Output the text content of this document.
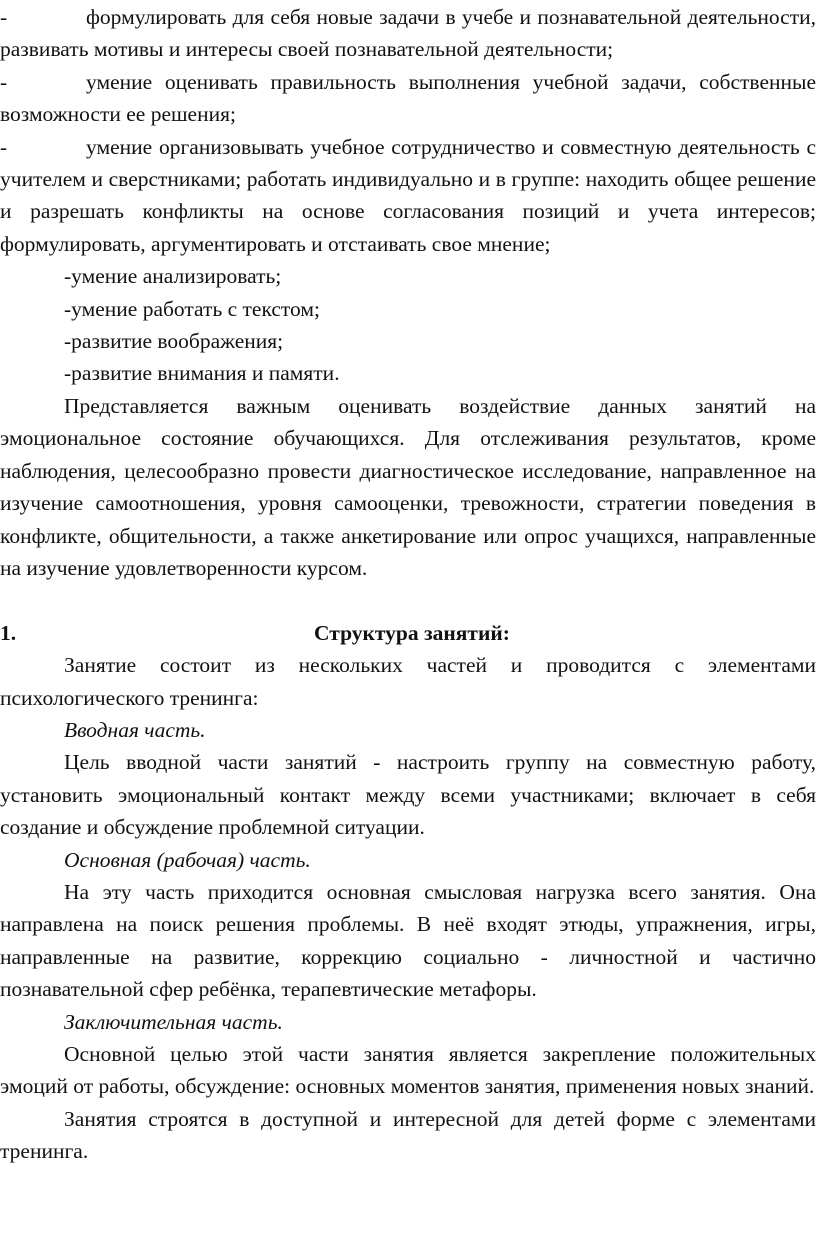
-	формулировать для себя новые задачи в учебе и познавательной деятельности, развивать мотивы и интересы своей познавательной деятельности;

-	умение оценивать правильность выполнения учебной задачи, собственные возможности ее решения;

-	умение организовывать учебное сотрудничество и совместную деятельность с учителем и сверстниками; работать индивидуально и в группе: находить общее решение и разрешать конфликты на основе согласования позиций и учета интересов; формулировать, аргументировать и отстаивать свое мнение;

-умение анализировать;

-умение работать с текстом;

-развитие воображения;

-развитие внимания и памяти.

Представляется важным оценивать воздействие данных занятий на эмоциональное состояние обучающихся. Для отслеживания результатов, кроме наблюдения, целесообразно провести диагностическое исследование, направленное на изучение самоотношения, уровня самооценки, тревожности, стратегии поведения в конфликте, общительности, а также анкетирование или опрос учащихся, направленные на изучение удовлетворенности курсом.

1.	Структура занятий:

Занятие состоит из нескольких частей и проводится с элементами психологического тренинга:

Вводная часть.

Цель вводной части занятий - настроить группу на совместную работу, установить эмоциональный контакт между всеми участниками; включает в себя создание и обсуждение проблемной ситуации.

Основная (рабочая) часть.

На эту часть приходится основная смысловая нагрузка всего занятия. Она направлена на поиск решения проблемы. В неё входят этюды, упражнения, игры, направленные на развитие, коррекцию социально - личностной и частично познавательной сфер ребёнка, терапевтические метафоры.

Заключительная часть.

Основной целью этой части занятия является закрепление положительных эмоций от работы, обсуждение: основных моментов занятия, применения новых знаний.

Занятия строятся в доступной и интересной для детей форме с элементами тренинга.
